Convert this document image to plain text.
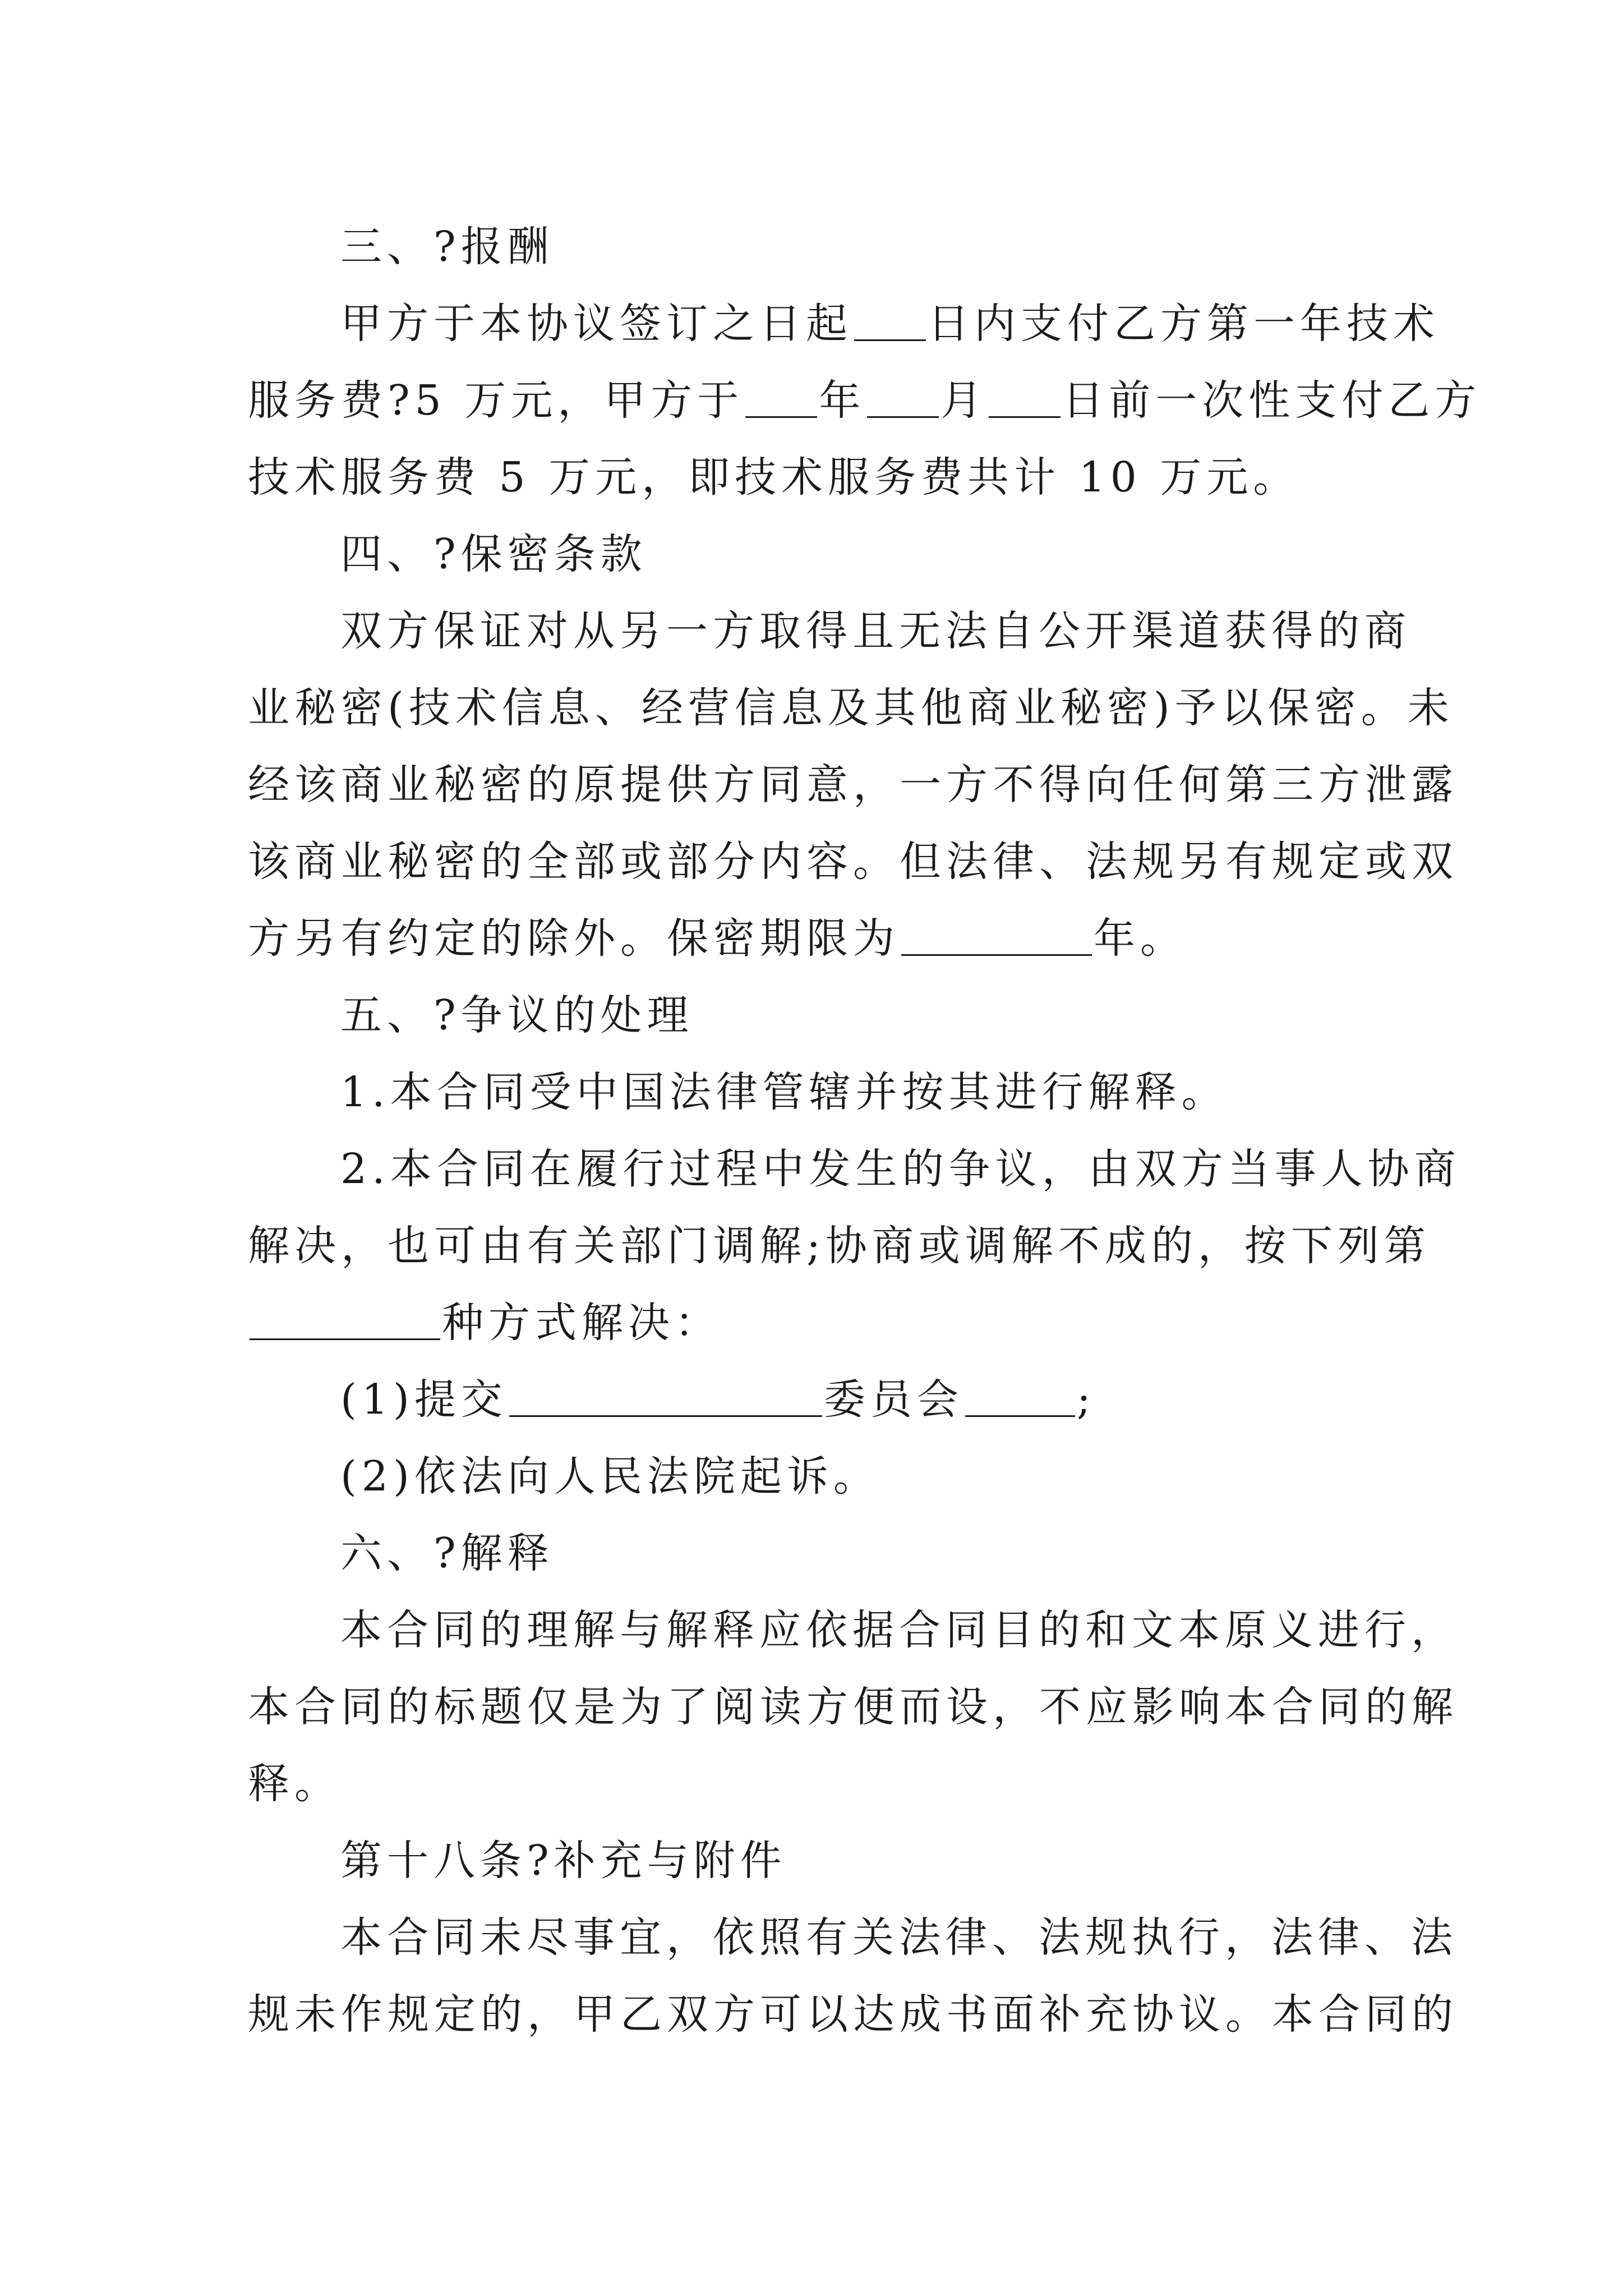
三、?报酬
甲方于本协议签订之日起 日内支付乙方第一年技术
服务费?5 万元，甲方于 年 月 日前一次性支付乙方
技术服务费 5 万元，即技术服务费共计 10 万元。
四、?保密条款
双方保证对从另一方取得且无法自公开渠道获得的商
业秘密(技术信息、经营信息及其他商业秘密)予以保密。未
经该商业秘密的原提供方同意，一方不得向任何第三方泄露
该商业秘密的全部或部分内容。但法律、法规另有规定或双
方另有约定的除外。保密期限为	年。
五、?争议的处理
1.本合同受中国法律管辖并按其进行解释。
2.本合同在履行过程中发生的争议，由双方当事人协商
解决，也可由有关部门调解;协商或调解不成的，按下列第
种方式解决：
(1)提交	委员会	;
(2)依法向人民法院起诉。
六、?解释
本合同的理解与解释应依据合同目的和文本原义进行，
本合同的标题仅是为了阅读方便而设，不应影响本合同的解
释。
第十八条?补充与附件
本合同未尽事宜，依照有关法律、法规执行，法律、法
规未作规定的，甲乙双方可以达成书面补充协议。本合同的
